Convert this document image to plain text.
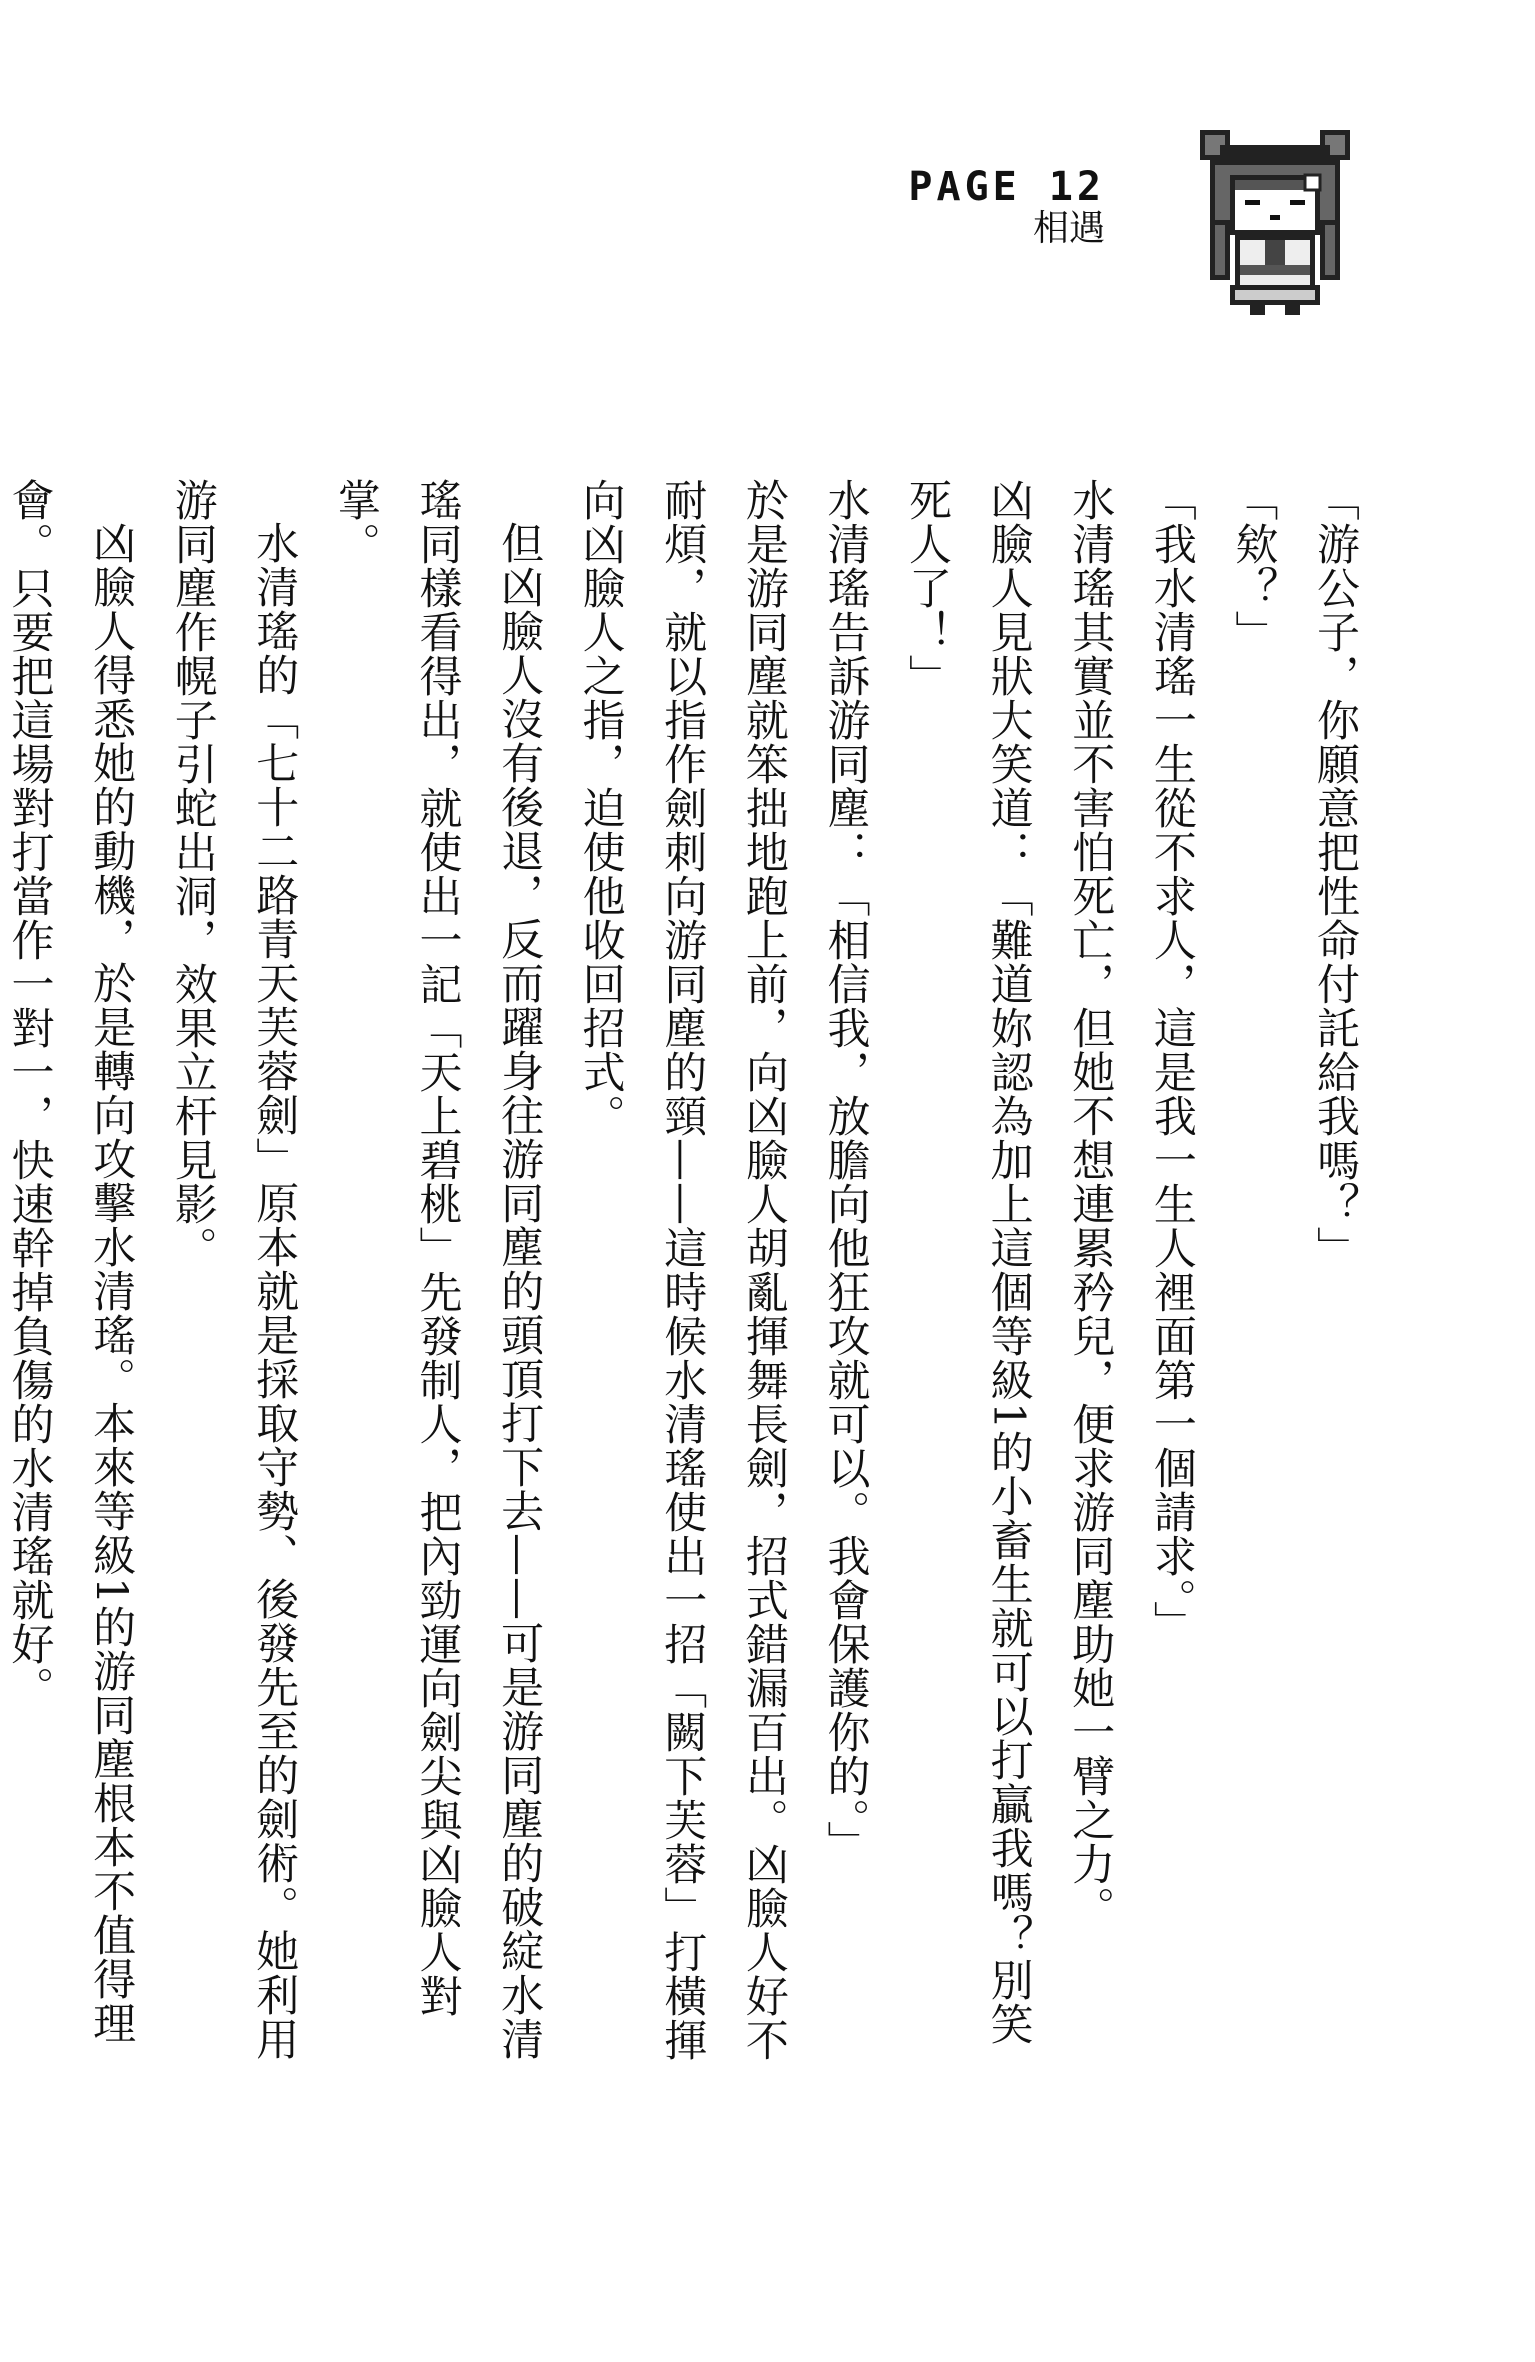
PAGE 12
相遇

「游公子，你願意把性命付託給我嗎？」

「欸？」

「我水清瑤一生從不求人，這是我一生人裡面第一個請求。」

水清瑤其實並不害怕死亡，但她不想連累矜兒，便求游同塵助她一臂之力。

凶臉人見狀大笑道：「難道妳認為加上這個等級1的小畜生就可以打贏我嗎？別笑死人了！」

水清瑤告訴游同塵：「相信我，放膽向他狂攻就可以。我會保護你的。」

於是游同塵就笨拙地跑上前，向凶臉人胡亂揮舞長劍，招式錯漏百出。凶臉人好不耐煩，就以指作劍刺向游同塵的頸——這時候水清瑤使出一招「闕下芙蓉」打橫揮向凶臉人之指，迫使他收回招式。

但凶臉人沒有後退，反而躍身往游同塵的頭頂打下去——可是游同塵的破綻水清瑤同樣看得出，就使出一記「天上碧桃」先發制人，把內勁運向劍尖與凶臉人對掌。

水清瑤的「七十二路青天芙蓉劍」原本就是採取守勢、後發先至的劍術。她利用游同塵作幌子引蛇出洞，效果立杆見影。

凶臉人得悉她的動機，於是轉向攻擊水清瑤。本來等級1的游同塵根本不值得理會。只要把這場對打當作一對一，快速幹掉負傷的水清瑤就好。
